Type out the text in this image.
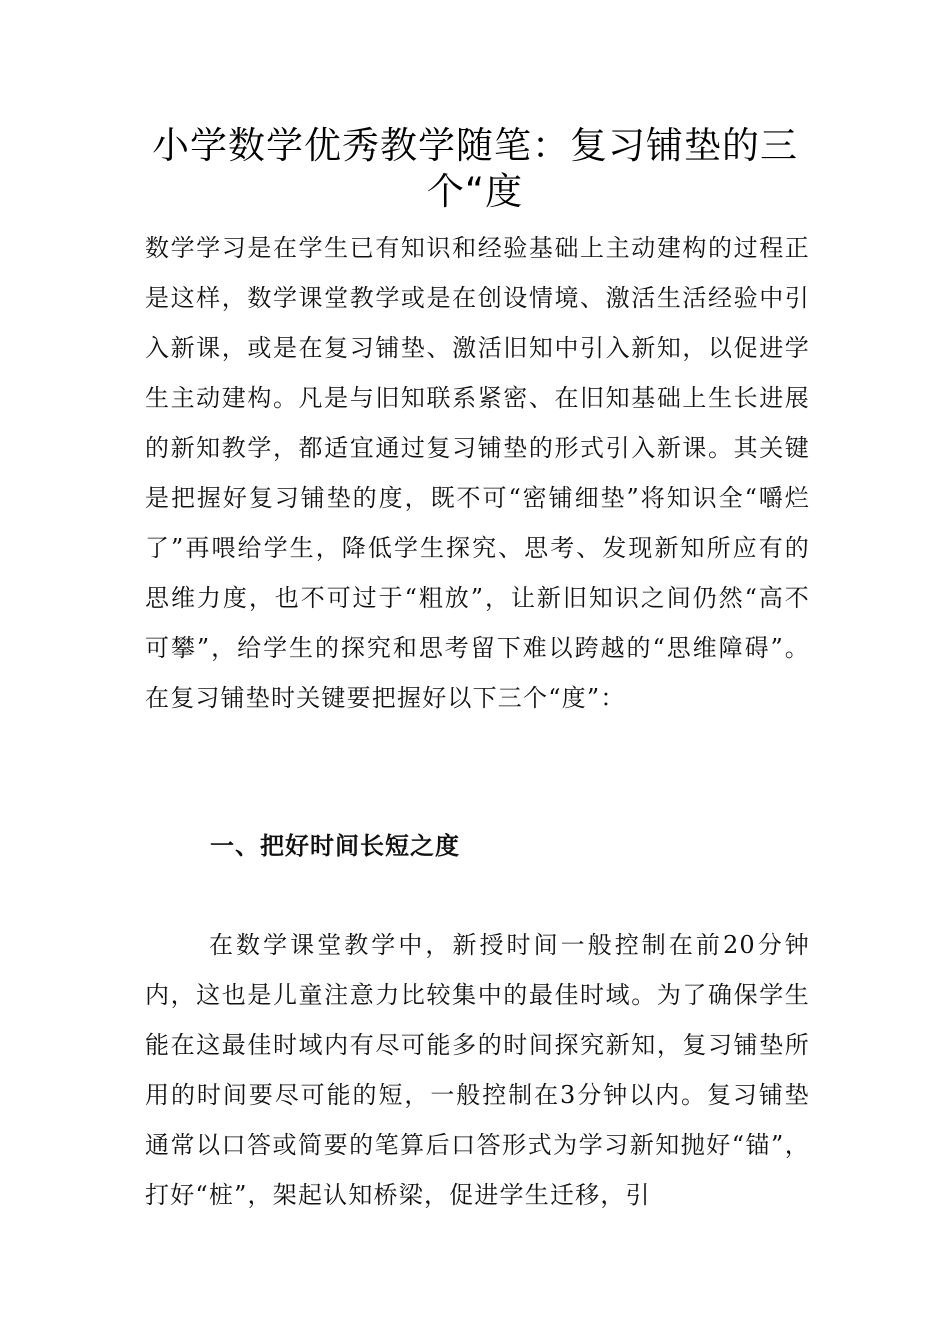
小学数学优秀教学随笔：复习铺垫的三个“度

数学学习是在学生已有知识和经验基础上主动建构的过程正是这样，数学课堂教学或是在创设情境、激活生活经验中引入新课，或是在复习铺垫、激活旧知中引入新知，以促进学生主动建构。凡是与旧知联系紧密、在旧知基础上生长进展的新知教学，都适宜通过复习铺垫的形式引入新课。其关键是把握好复习铺垫的度，既不可“密铺细垫”将知识全“嚼烂了”再喂给学生，降低学生探究、思考、发现新知所应有的思维力度，也不可过于“粗放”，让新旧知识之间仍然“高不可攀”，给学生的探究和思考留下难以跨越的“思维障碍”。在复习铺垫时关键要把握好以下三个“度”：

一、把好时间长短之度

在数学课堂教学中，新授时间一般控制在前20分钟内，这也是儿童注意力比较集中的最佳时域。为了确保学生能在这最佳时域内有尽可能多的时间探究新知，复习铺垫所用的时间要尽可能的短，一般控制在3分钟以内。复习铺垫通常以口答或简要的笔算后口答形式为学习新知抛好“锚”，打好“桩”，架起认知桥梁，促进学生迁移，引
